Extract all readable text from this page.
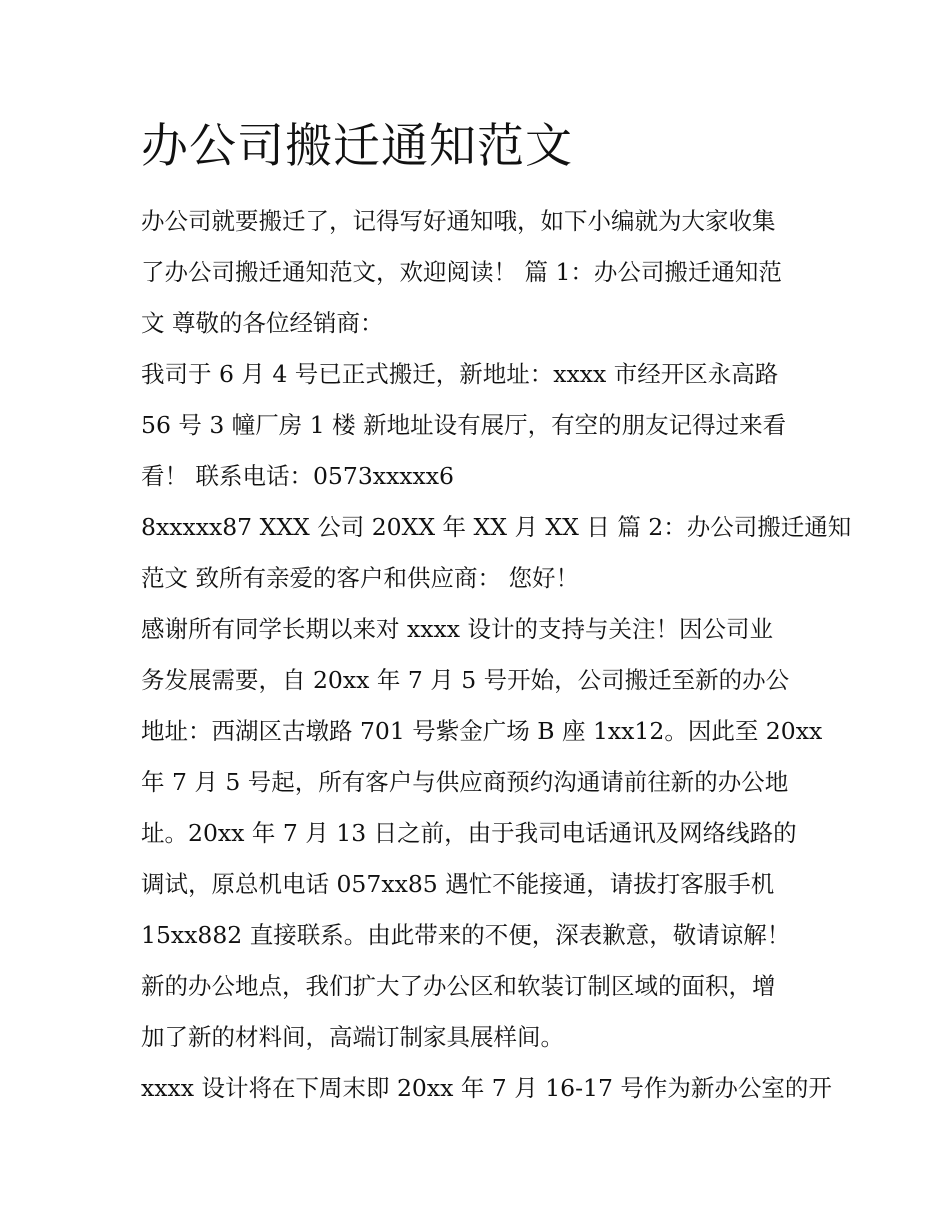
办公司搬迁通知范文

办公司就要搬迁了，记得写好通知哦，如下小编就为大家收集

了办公司搬迁通知范文，欢迎阅读！ 篇 1：办公司搬迁通知范

文 尊敬的各位经销商：

我司于 6 月 4 号已正式搬迁，新地址：xxxx 市经开区永高路

56 号 3 幢厂房 1 楼 新地址设有展厅，有空的朋友记得过来看

看！ 联系电话：0573xxxxx6

8xxxxx87 XXX 公司 20XX 年 XX 月 XX 日 篇 2：办公司搬迁通知

范文 致所有亲爱的客户和供应商： 您好！

感谢所有同学长期以来对 xxxx 设计的支持与关注！因公司业

务发展需要，自 20xx 年 7 月 5 号开始，公司搬迁至新的办公

地址：西湖区古墩路 701 号紫金广场 B 座 1xx12。因此至 20xx

年 7 月 5 号起，所有客户与供应商预约沟通请前往新的办公地

址。20xx 年 7 月 13 日之前，由于我司电话通讯及网络线路的

调试，原总机电话 057xx85 遇忙不能接通，请拔打客服手机

15xx882 直接联系。由此带来的不便，深表歉意，敬请谅解！

新的办公地点，我们扩大了办公区和软装订制区域的面积，增

加了新的材料间，高端订制家具展样间。

xxxx 设计将在下周末即 20xx 年 7 月 16-17 号作为新办公室的开
